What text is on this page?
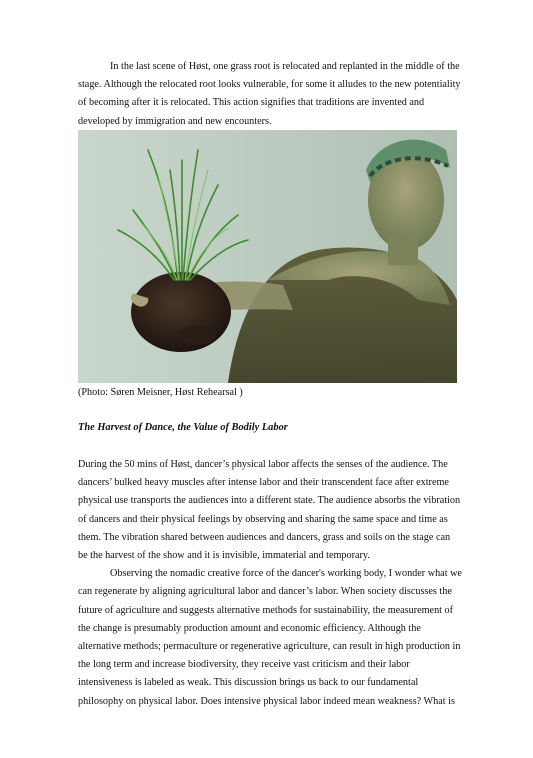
In the last scene of Høst, one grass root is relocated and replanted in the middle of the stage. Although the relocated root looks vulnerable, for some it alludes to the new potentiality of becoming after it is relocated. This action signifies that traditions are invented and developed by immigration and new encounters.

(Photo: Søren Meisner, Høst Rehearsal )
The Harvest of Dance, the Value of Bodily Labor

During the 50 mins of Høst, dancer’s physical labor affects the senses of the audience. The dancers’ bulked heavy muscles after intense labor and their transcendent face after extreme physical use transports the audiences into a different state. The audience absorbs the vibration of dancers and their physical feelings by observing and sharing the same space and time as them. The vibration shared between audiences and dancers, grass and soils on the stage can be the harvest of the show and it is invisible, immaterial and temporary.

Observing the nomadic creative force of the dancer's working body, I wonder what we can regenerate by aligning agricultural labor and dancer’s labor. When society discusses the future of agriculture and suggests alternative methods for sustainability, the measurement of the change is presumably production amount and economic efficiency. Although the alternative methods; permaculture or regenerative agriculture, can result in high production in the long term and increase biodiversity, they receive vast criticism and their labor intensiveness is labeled as weak. This discussion brings us back to our fundamental philosophy on physical labor. Does intensive physical labor indeed mean weakness? What is
